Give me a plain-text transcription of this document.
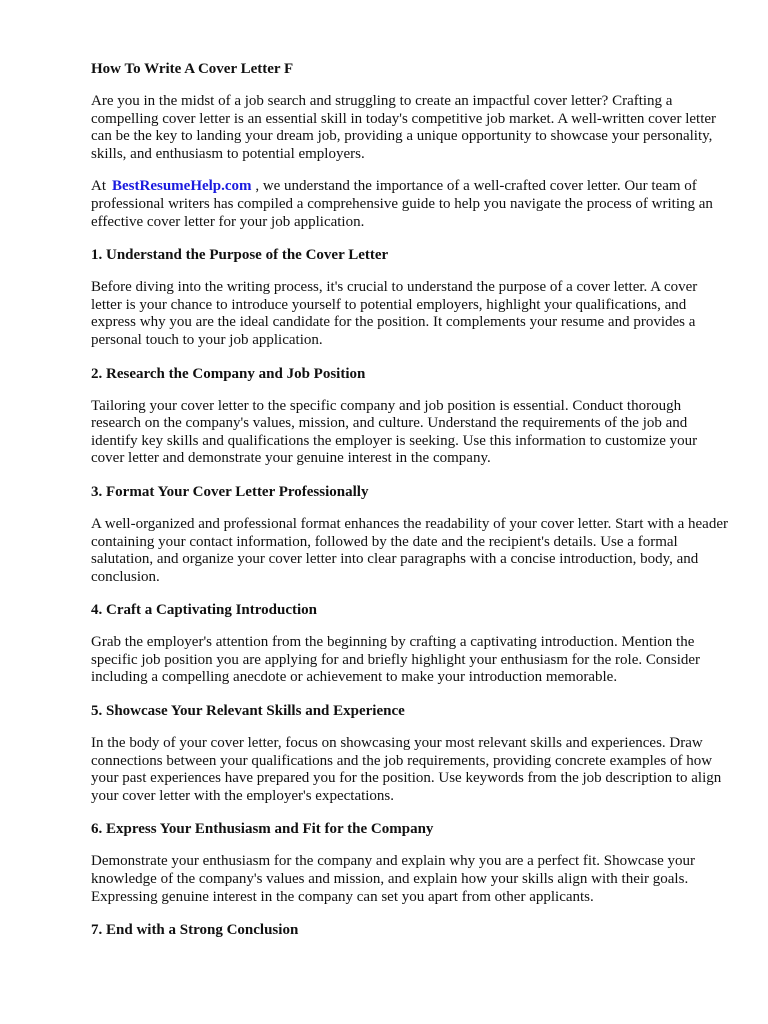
How To Write A Cover Letter F

Are you in the midst of a job search and struggling to create an impactful cover letter? Crafting a compelling cover letter is an essential skill in today's competitive job market. A well-written cover letter can be the key to landing your dream job, providing a unique opportunity to showcase your personality, skills, and enthusiasm to potential employers.

At BestResumeHelp.com , we understand the importance of a well-crafted cover letter. Our team of professional writers has compiled a comprehensive guide to help you navigate the process of writing an effective cover letter for your job application.

1. Understand the Purpose of the Cover Letter

Before diving into the writing process, it's crucial to understand the purpose of a cover letter. A cover letter is your chance to introduce yourself to potential employers, highlight your qualifications, and express why you are the ideal candidate for the position. It complements your resume and provides a personal touch to your job application.

2. Research the Company and Job Position

Tailoring your cover letter to the specific company and job position is essential. Conduct thorough research on the company's values, mission, and culture. Understand the requirements of the job and identify key skills and qualifications the employer is seeking. Use this information to customize your cover letter and demonstrate your genuine interest in the company.

3. Format Your Cover Letter Professionally

A well-organized and professional format enhances the readability of your cover letter. Start with a header containing your contact information, followed by the date and the recipient's details. Use a formal salutation, and organize your cover letter into clear paragraphs with a concise introduction, body, and conclusion.

4. Craft a Captivating Introduction

Grab the employer's attention from the beginning by crafting a captivating introduction. Mention the specific job position you are applying for and briefly highlight your enthusiasm for the role. Consider including a compelling anecdote or achievement to make your introduction memorable.

5. Showcase Your Relevant Skills and Experience

In the body of your cover letter, focus on showcasing your most relevant skills and experiences. Draw connections between your qualifications and the job requirements, providing concrete examples of how your past experiences have prepared you for the position. Use keywords from the job description to align your cover letter with the employer's expectations.

6. Express Your Enthusiasm and Fit for the Company

Demonstrate your enthusiasm for the company and explain why you are a perfect fit. Showcase your knowledge of the company's values and mission, and explain how your skills align with their goals. Expressing genuine interest in the company can set you apart from other applicants.

7. End with a Strong Conclusion
